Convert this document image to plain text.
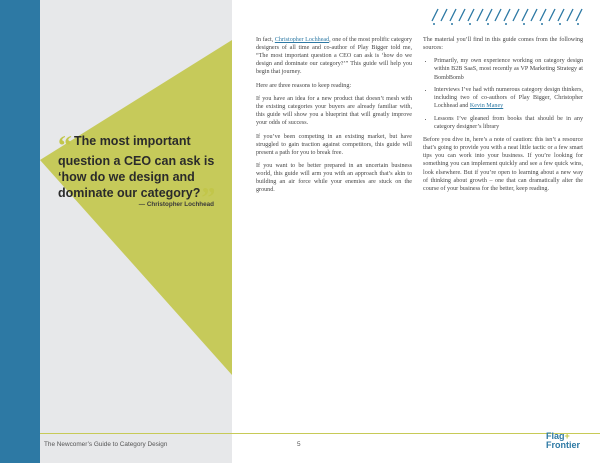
“ The most important question a CEO can ask is ‘how do we design and dominate our category?”
— Christopher Lochhead

In fact, Christopher Lochhead, one of the most prolific category designers of all time and co-author of Play Bigger told me, “The most important question a CEO can ask is ‘how do we design and dominate our category?’” This guide will help you begin that journey.

Here are three reasons to keep reading:

If you have an idea for a new product that doesn’t mesh with the existing categories your buyers are already familiar with, this guide will show you a blueprint that will greatly improve your odds of success.

If you’ve been competing in an existing market, but have struggled to gain traction against competitors, this guide will present a path for you to break free.

If you want to be better prepared in an uncertain business world, this guide will arm you with an approach that’s akin to building an air force while your enemies are stuck on the ground.

The material you’ll find in this guide comes from the following sources:

• Primarily, my own experience working on category design within B2B SaaS, most recently as VP Marketing Strategy at BombBomb
• Interviews I’ve had with numerous category design thinkers, including two of co-authors of Play Bigger, Christopher Lochhead and Kevin Maney
• Lessons I’ve gleaned from books that should be in any category designer’s library

Before you dive in, here’s a note of caution: this isn’t a resource that’s going to provide you with a neat little tactic or a few smart tips you can work into your business. If you’re looking for something you can implement quickly and see a few quick wins, look elsewhere. But if you’re open to learning about a new way of thinking about growth – one that can dramatically alter the course of your business for the better, keep reading.

The Newcomer’s Guide to Category Design	5
Flag+
Frontier
